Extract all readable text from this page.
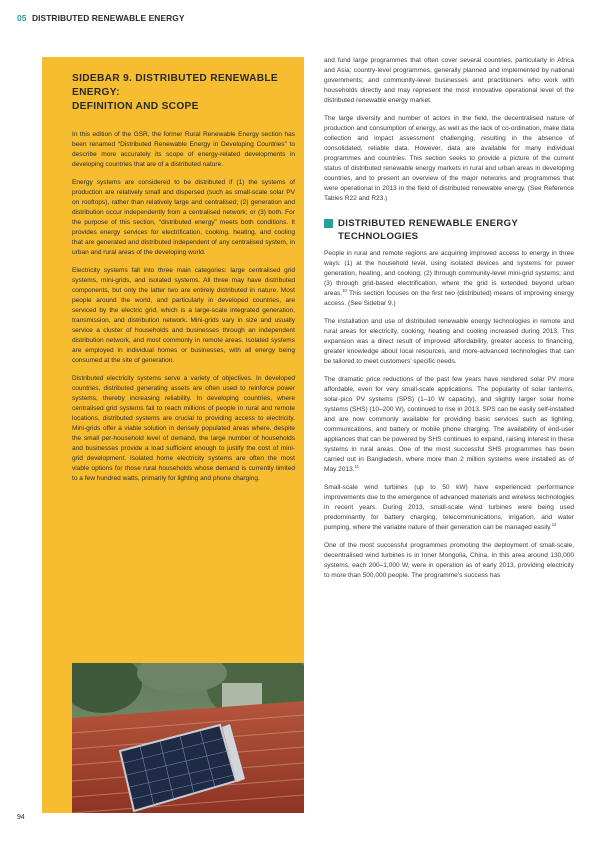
05 DISTRIBUTED RENEWABLE ENERGY
SIDEBAR 9. DISTRIBUTED RENEWABLE ENERGY:
DEFINITION AND SCOPE

In this edition of the GSR, the former Rural Renewable Energy section has been renamed “Distributed Renewable Energy in Developing Countries” to describe more accurately its scope of energy-related developments in developing countries that are of a distributed nature.

Energy systems are considered to be distributed if (1) the systems of production are relatively small and dispersed (such as small-scale solar PV on rooftops), rather than relatively large and centralised; (2) generation and distribution occur independently from a centralised network; or (3) both. For the purpose of this section, “distributed energy” meets both conditions. It provides energy services for electrification, cooking, heating, and cooling that are generated and distributed independent of any centralised system, in urban and rural areas of the developing world.

Electricity systems fall into three main categories: large centralised grid systems, mini-grids, and isolated systems. All three may have distributed components, but only the latter two are entirely distributed in nature. Most people around the world, and particularly in developed countries, are serviced by the electric grid, which is a large-scale integrated generation, transmission, and distribution network. Mini-grids vary in size and usually service a cluster of households and businesses through an independent distribution network, and most commonly in remote areas. Isolated systems are employed in individual homes or businesses, with all energy being consumed at the site of generation.

Distributed electricity systems serve a variety of objectives. In developed countries, distributed generating assets are often used to reinforce power systems, thereby increasing reliability. In developing countries, where centralised grid systems fail to reach millions of people in rural and remote locations, distributed systems are crucial to providing access to electricity. Mini-grids offer a viable solution in densely populated areas where, despite the small per-household level of demand, the large number of households and businesses provide a load sufficient enough to justify the cost of mini-grid development. Isolated home electricity systems are often the most viable options for those rural households whose demand is currently limited to a few hundred watts, primarily for lighting and phone charging.

and fund large programmes that often cover several countries, particularly in Africa and Asia; country-level programmes, generally planned and implemented by national governments; and community-level businesses and practitioners who work with households directly and may represent the most innovative operational level of the distributed renewable energy market.

The large diversity and number of actors in the field, the decentralised nature of production and consumption of energy, as well as the lack of co-ordination, make data collection and impact assessment challenging, resulting in the absence of consolidated, reliable data. However, data are available for many individual programmes and countries. This section seeks to provide a picture of the current status of distributed renewable energy markets in rural and urban areas in developing countries, and to present an overview of the major networks and programmes that were operational in 2013 in the field of distributed renewable energy. (See Reference Tables R22 and R23.)

DISTRIBUTED RENEWABLE ENERGY
TECHNOLOGIES

People in rural and remote regions are acquiring improved access to energy in three ways: (1) at the household level, using isolated devices and systems for power generation, heating, and cooking; (2) through community-level mini-grid systems; and (3) through grid-based electrification, where the grid is extended beyond urban areas.$^{10}$ This section focuses on the first two (distributed) means of improving energy access. (See Sidebar 9.)

The installation and use of distributed renewable energy technologies in remote and rural areas for electricity, cooking, heating and cooling increased during 2013. This expansion was a direct result of improved affordability, greater access to financing, greater knowledge about local resources, and more-advanced technologies that can be tailored to meet customers’ specific needs.

The dramatic price reductions of the past few years have rendered solar PV more affordable, even for very small-scale applications. The popularity of solar lanterns, solar-pico PV systems (SPS) (1–10 W capacity), and slightly larger solar home systems (SHS) (10–200 W), continued to rise in 2013. SPS can be easily self-installed and are now commonly available for providing basic services such as lighting, communications, and battery or mobile phone charging. The availability of end-user appliances that can be powered by SHS continues to expand, raising interest in these systems in rural areas. One of the most successful SHS programmes has been carried out in Bangladesh, where more than 2 million systems were installed as of May 2013.11

Small-scale wind turbines (up to 50 kW) have experienced performance improvements due to the emergence of advanced materials and wireless technologies in recent years. During 2013, small-scale wind turbines were being used predominantly for battery charging, telecommunications, irrigation, and water pumping, where the variable nature of their generation can be managed easily.$^{12}$

One of the most successful programmes promoting the deployment of small-scale, decentralised wind turbines is in Inner Mongolia, China. In this area around 130,000 systems, each 200–1,000 W, were in operation as of early 2013, providing electricity to more than 500,000 people. The programme’s success has

94
